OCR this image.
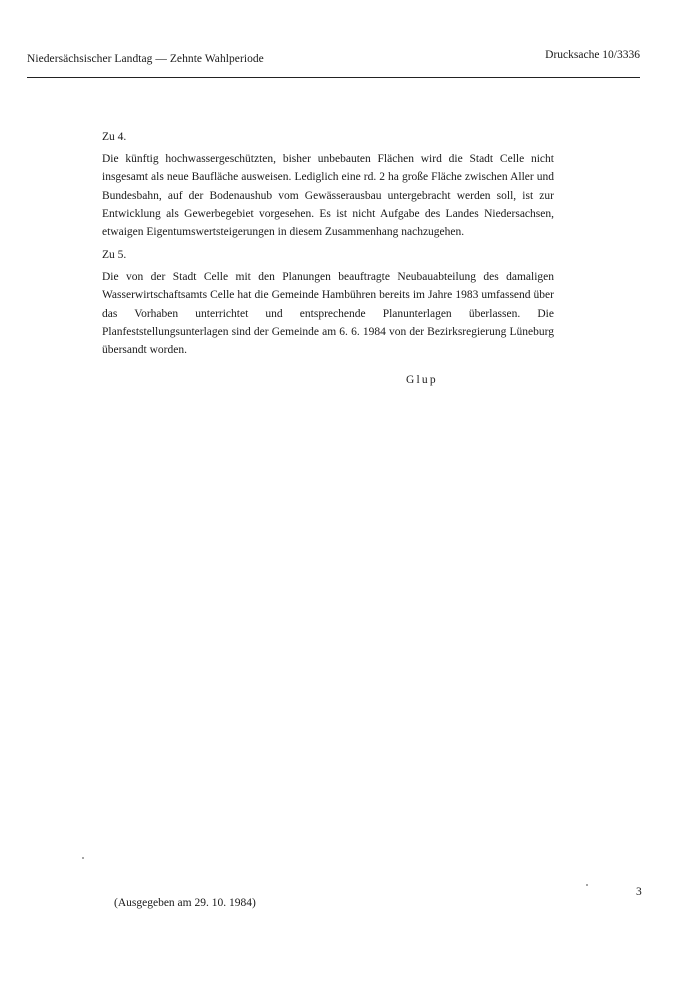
Niedersächsischer Landtag — Zehnte Wahlperiode	Drucksache 10/3336
Zu 4.
Die künftig hochwassergeschützten, bisher unbebauten Flächen wird die Stadt Celle nicht insgesamt als neue Baufläche ausweisen. Lediglich eine rd. 2 ha große Fläche zwischen Aller und Bundesbahn, auf der Bodenaushub vom Gewässerausbau untergebracht werden soll, ist zur Entwicklung als Gewerbegebiet vorgesehen. Es ist nicht Aufgabe des Landes Niedersachsen, etwaigen Eigentumswertsteigerungen in diesem Zusammenhang nachzugehen.
Zu 5.
Die von der Stadt Celle mit den Planungen beauftragte Neubauabteilung des damaligen Wasserwirtschaftsamts Celle hat die Gemeinde Hambühren bereits im Jahre 1983 umfassend über das Vorhaben unterrichtet und entsprechende Planunterlagen überlassen. Die Planfeststellungsunterlagen sind der Gemeinde am 6. 6. 1984 von der Bezirksregierung Lüneburg übersandt worden.
Glup
(Ausgegeben am 29. 10. 1984)
3
